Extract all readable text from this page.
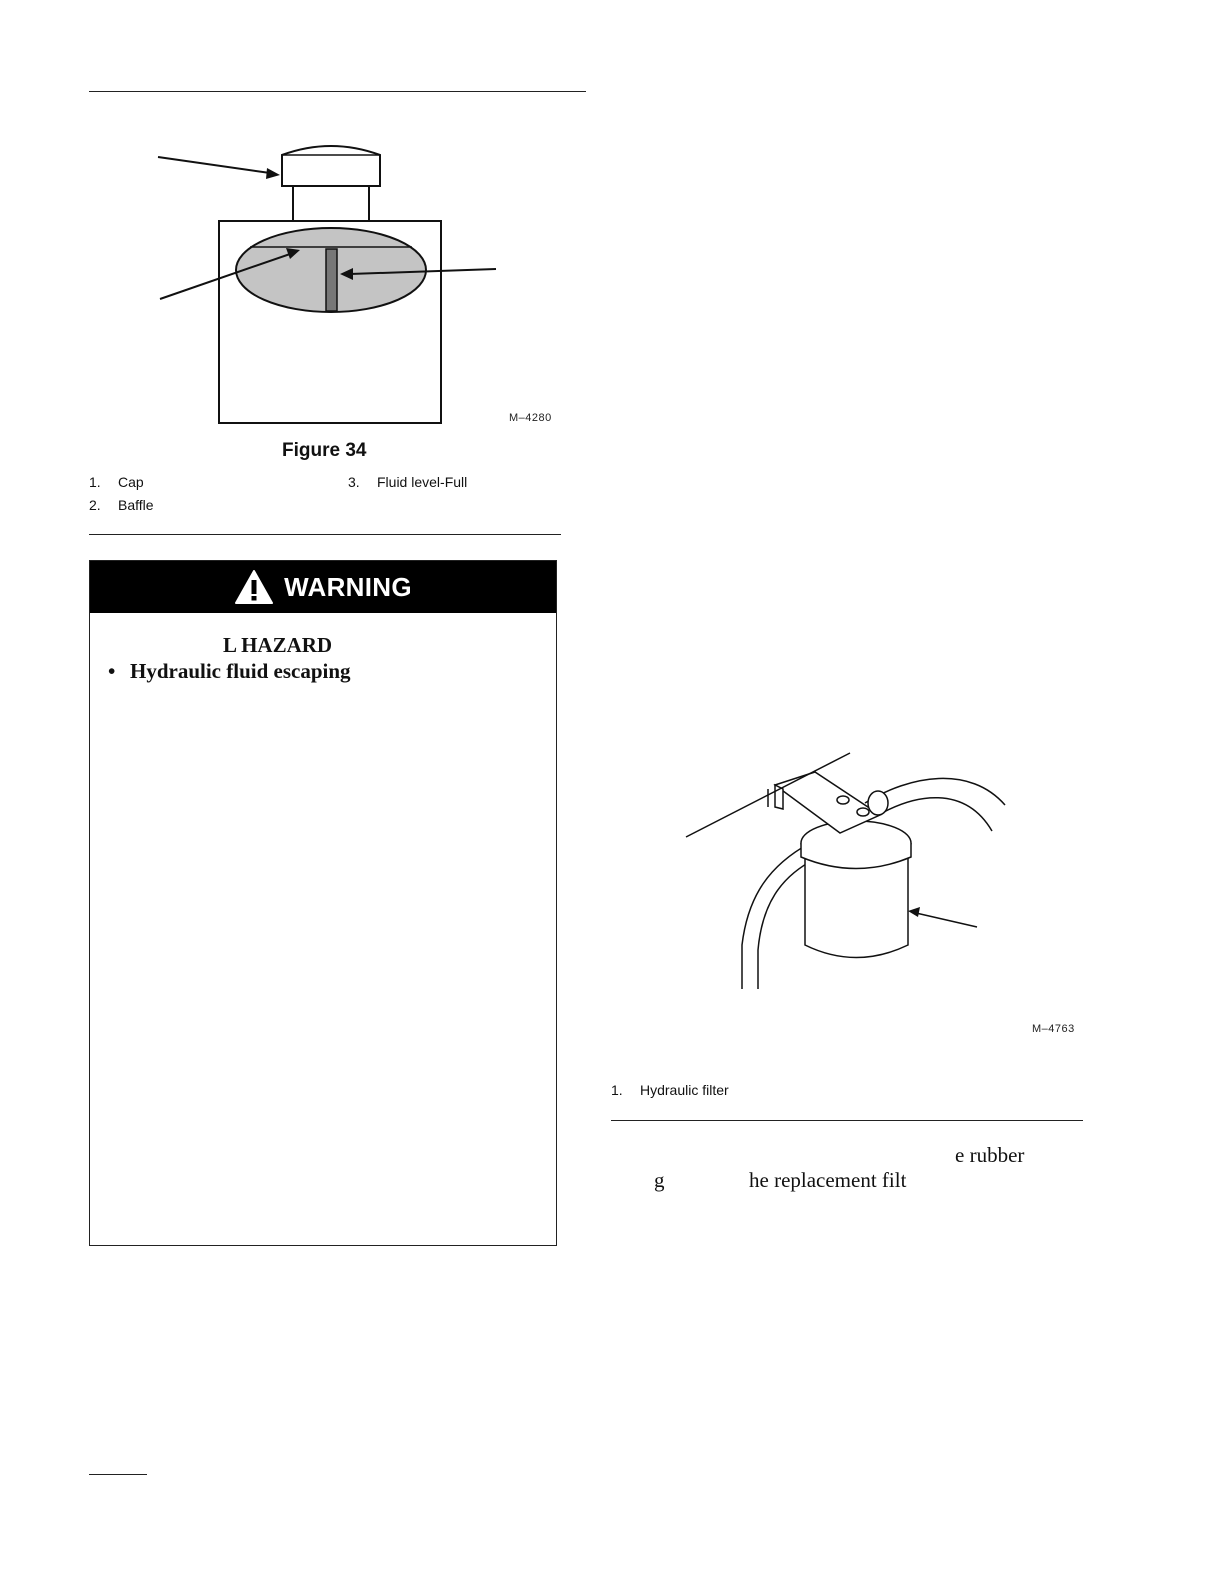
M–4280
Figure 34
1. Cap
2. Baffle
3. Fluid level-Full
WARNING
L HAZARD
• Hydraulic fluid escaping
M–4763
1. Hydraulic filter
e rubber
g	he replacement filt
